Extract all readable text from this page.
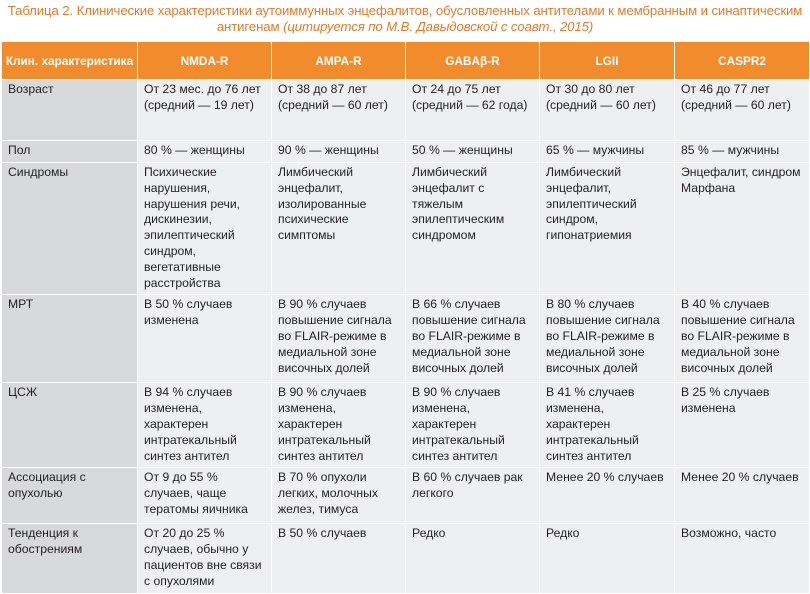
Таблица 2. Клинические характеристики аутоиммунных энцефалитов, обусловленных антителами к мембранным и синаптическим антигенам (цитируется по М.В. Давыдовской с соавт., 2015)
Клин. характеристика	NMDA-R	AMPA-R	GABAβ-R	LGII	CASPR2
Возраст	От 23 мес. до 76 лет (средний — 19 лет)	От 38 до 87 лет (средний — 60 лет)	От 24 до 75 лет (средний — 62 года)	От 30 до 80 лет (средний — 60 лет)	От 46 до 77 лет (средний — 60 лет)
Пол	80 % — женщины	90 % — женщины	50 % — женщины	65 % — мужчины	85 % — мужчины
Синдромы	Психические нарушения, нарушения речи, дискинезии, эпилептический синдром, вегетативные расстройства	Лимбический энцефалит, изолированные психические симптомы	Лимбический энцефалит с тяжелым эпилептическим синдромом	Лимбический энцефалит, эпилептический синдром, гипонатриемия	Энцефалит, синдром Марфана
МРТ	В 50 % случаев изменена	В 90 % случаев повышение сигнала во FLAIR-режиме в медиальной зоне височных долей	В 66 % случаев повышение сигнала во FLAIR-режиме в медиальной зоне височных долей	В 80 % случаев повышение сигнала во FLAIR-режиме в медиальной зоне височных долей	В 40 % случаев повышение сигнала во FLAIR-режиме в медиальной зоне височных долей
ЦСЖ	В 94 % случаев изменена, характерен интратекальный синтез антител	В 90 % случаев изменена, характерен интратекальный синтез антител	В 90 % случаев изменена, характерен интратекальный синтез антител	В 41 % случаев изменена, характерен интратекальный синтез антител	В 25 % случаев изменена
Ассоциация с опухолью	От 9 до 55 % случаев, чаще тератомы яичника	В 70 % опухоли легких, молочных желез, тимуса	В 60 % случаев рак легкого	Менее 20 % случаев	Менее 20 % случаев
Тенденция к обострениям	От 20 до 25 % случаев, обычно у пациентов вне связи с опухолями	В 50 % случаев	Редко	Редко	Возможно, часто
